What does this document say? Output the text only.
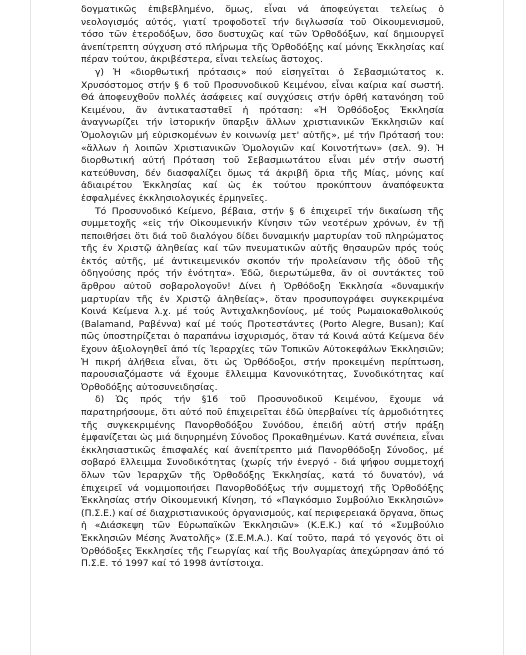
δογματικῶς ἐπιβεβλημένο, ὅμως, εἶναι νά ἀποφεύγεται τελείως ὁ νεολογισμός αὐτός, γιατί τροφοδοτεῖ τήν διγλωσσία τοῦ Οἰκουμενισμοῦ, τόσο τῶν ἑτεροδόξων, ὅσο δυστυχῶς καί τῶν Ὀρθοδόξων, καί δημιουργεῖ ἀνεπίτρεπτη σύγχυση στό πλήρωμα τῆς Ὀρθοδόξης καί μόνης Ἐκκλησίας καί πέραν τούτου, ἀκριβέστερα, εἶναι τελείως ἄστοχος.

γ) Ἡ «διορθωτική πρότασις» πού εἰσηγεῖται ὁ Σεβασμιώτατος κ. Χρυσόστομος στήν § 6 τοῦ Προσυνοδικοῦ Κειμένου, εἶναι καίρια καί σωστή. Θά ἀποφευχθοῦν πολλές ἀσάφειες καί συγχύσεις στήν ὀρθή κατανόηση τοῦ Κειμένου, ἄν ἀντικατασταθεῖ ἡ πρόταση: «Ἡ Ὀρθόδοξος Ἐκκλησία ἀναγνωρίζει τήν ἱστορικήν ὕπαρξιν ἄλλων χριστιανικῶν Ἐκκλησιῶν καί Ὁμολογιῶν μή εὑρισκομένων ἐν κοινωνίᾳ μετ' αὐτῆς», μέ τήν Πρότασή του: «ἄλλων ἡ λοιπῶν Χριστιανικῶν Ὁμολογιῶν καί Κοινοτήτων» (σελ. 9). Ἡ διορθωτική αὐτή Πρόταση τοῦ Σεβασμιωτάτου εἶναι μέν στήν σωστή κατεύθυνση, δέν διασφαλίζει ὅμως τά ἀκριβῆ ὅρια τῆς Μίας, μόνης καί ἀδιαιρέτου Ἐκκλησίας καί ὡς ἐκ τούτου προκύπτουν ἀναπόφευκτα ἐσφαλμένες ἐκκλησιολογικές ἑρμηνεῖες.

Τό Προσυνοδικό Κείμενο, βέβαια, στήν § 6 ἐπιχειρεῖ τήν δικαίωση τῆς συμμετοχῆς «εἰς τήν Οἰκουμενικήν Κίνησιν τῶν νεοτέρων χρόνων, ἐν τῇ πεποιθήσει ὅτι διά τοῦ διαλόγου δίδει δυναμικήν μαρτυρίαν τοῦ πληρώματος τῆς ἐν Χριστῷ ἀληθείας καί τῶν πνευματικῶν αὐτῆς θησαυρῶν πρός τούς ἐκτός αὐτῆς, μέ ἀντικειμενικόν σκοπόν τήν προλείανσιν τῆς ὁδοῦ τῆς ὁδηγούσης πρός τήν ἑνότητα». Ἐδῶ, διερωτώμεθα, ἄν οἱ συντάκτες τοῦ ἄρθρου αὐτοῦ σοβαρολογοῦν! Δίνει ἡ Ὀρθόδοξη Ἐκκλησία «δυναμικήν μαρτυρίαν τῆς ἐν Χριστῷ ἀληθείας», ὅταν προσυπογράφει συγκεκριμένα Κοινά Κείμενα λ.χ. μέ τούς Ἀντιχαλκηδονίους, μέ τούς Ρωμαιοκαθολικούς (Balamand, Ραβέννα) καί μέ τούς Προτεστάντες (Porto Alegre, Busan); Καί πῶς ὑποστηρίζεται ὁ παραπάνω ἰσχυρισμός, ὅταν τά Κοινά αὐτά Κείμενα δέν ἔχουν ἀξιολογηθεῖ ἀπό τίς Ἱεραρχίες τῶν Τοπικῶν Αὐτοκεφάλων Ἐκκλησιῶν; Ἡ πικρή ἀλήθεια εἶναι, ὅτι ὡς Ὀρθόδοξοι, στήν προκειμένη περίπτωση, παρουσιαζόμαστε νά ἔχουμε ἔλλειμμα Κανονικότητας, Συνοδικότητας καί Ὀρθοδόξης αὐτοσυνειδησίας.

δ) Ὡς πρός τήν §16 τοῦ Προσυνοδικοῦ Κειμένου, ἔχουμε νά παρατηρήσουμε, ὅτι αὐτό ποῦ ἐπιχειρεῖται ἐδῶ ὑπερβαίνει τίς ἁρμοδιότητες τῆς συγκεκριμένης Πανορθοδόξου Συνόδου, ἐπειδή αὐτή στήν πράξη ἐμφανίζεται ὡς μιά διηυρημένη Σύνοδος Προκαθημένων. Κατά συνέπεια, εἶναι ἐκκλησιαστικῶς ἐπισφαλές καί ἀνεπίτρεπτο μιά Πανορθόδοξη Σύνοδος, μέ σοβαρό ἔλλειμμα Συνοδικότητας (χωρίς τήν ἐνεργό - διά ψήφου συμμετοχή ὅλων τῶν Ἱεραρχῶν τῆς Ὀρθοδόξης Ἐκκλησίας, κατά τό δυνατόν), νά ἐπιχειρεῖ νά νομιμοποιήσει Πανορθοδόξως τήν συμμετοχή τῆς Ὀρθοδόξης Ἐκκλησίας στήν Οἰκουμενική Κίνηση, τό «Παγκόσμιο Συμβούλιο Ἐκκλησιῶν» (Π.Σ.Ε.) καί σέ διαχριστιανικούς ὀργανισμούς, καί περιφερειακά ὄργανα, ὅπως ἡ «Διάσκεψη τῶν Εὐρωπαϊκῶν Ἐκκλησιῶν» (Κ.Ε.Κ.) καί τό «Συμβούλιο Ἐκκλησιῶν Μέσης Ἀνατολῆς» (Σ.Ε.Μ.Α.). Καί τοῦτο, παρά τό γεγονός ὅτι οἱ Ὀρθόδοξες Ἐκκλησίες τῆς Γεωργίας καί τῆς Βουλγαρίας ἀπεχώρησαν ἀπό τό Π.Σ.Ε. τό 1997 καί τό 1998 ἀντίστοιχα.
